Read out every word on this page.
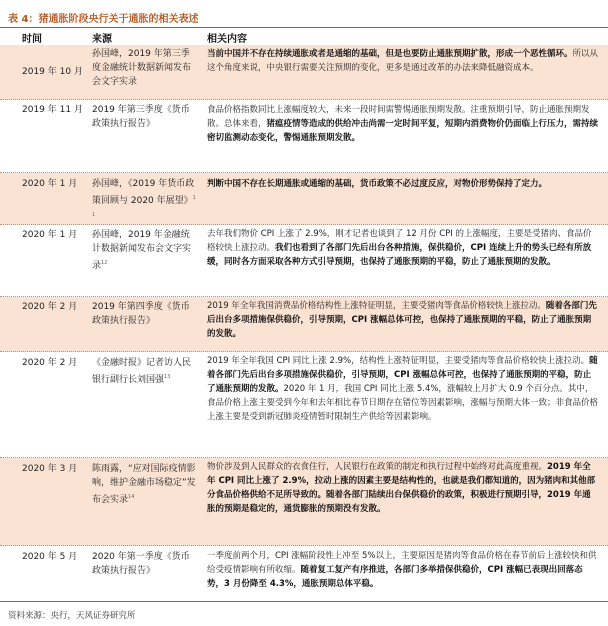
表 4：猪通胀阶段央行关于通胀的相关表述
时间	来源	相关内容
2019 年 10 月
孙国峰，2019 年第三季度金融统计数据新闻发布会文字实录
当前中国并不存在持续通胀或者是通缩的基础，但是也要防止通胀预期扩散，形成一个恶性循环。所以从这个角度来说，中央银行需要关注预期的变化，更多是通过改革的办法来降低融资成本。
2019 年 11 月 2019 年第三季度《货币政策执行报告》
食品价格指数同比上涨幅度较大，未来一段时间需警惕通胀预期发散。注重预期引导，防止通胀预期发散。总体来看，猪瘟疫情等造成的供给冲击尚需一定时间平复，短期内消费物价仍面临上行压力，需持续密切监测动态变化，警惕通胀预期发散。
2020 年 1 月 孙国峰，《2019 年货币政策回顾与 2020 年展望》$^{11}$
判断中国不存在长期通胀或通缩的基础，货币政策不必过度反应，对物价形势保持了定力。
2020 年 1 月 孙国峰，2019 年金融统计数据新闻发布会文字实录$^{12}$
去年我们物价 CPI 上涨了 2.9%，刚才记者也谈到了 12 月份 CPI 的上涨幅度，主要是受猪肉、食品价格较快上涨拉动。我们也看到了各部门先后出台各种措施，保供稳价，CPI 连续上升的势头已经有所放缓，同时各方面采取各种方式引导预期，也保持了通胀预期的平稳，防止了通胀预期的发散。
2020 年 2 月 2019 年第四季度《货币政策执行报告》
2019 年全年我国消费品价格结构性上涨特征明显，主要受猪肉等食品价格较快上涨拉动。随着各部门先后出台多项措施保供稳价，引导预期，CPI 涨幅总体可控，也保持了通胀预期的平稳，防止了通胀预期的发散。
2020 年 2 月 《金融时报》记者访人民银行副行长刘国强$^{13}$
2019 年全年我国 CPI 同比上涨 2.9%，结构性上涨特征明显，主要受猪肉等食品价格较快上涨拉动。随着各部门先后出台多项措施保供稳价，引导预期，CPI 涨幅总体可控，也保持了通胀预期的平稳，防止了通胀预期的发散。2020 年 1 月，我国 CPI 同比上涨 5.4%，涨幅较上月扩大 0.9 个百分点。其中，食品价格上涨主要受到今年和去年相比春节日期存在错位等因素影响，涨幅与预期大体一致；非食品价格上涨主要是受到新冠肺炎疫情暂时限制生产供给等因素影响。
2020 年 3 月 陈雨露，“应对国际疫情影响，维护金融市场稳定”发布会实录$^{14}$
物价涉及到人民群众的衣食住行，人民银行在政策的制定和执行过程中始终对此高度重视。2019 年全年 CPI 同比上涨了 2.9%，拉动上涨的因素主要是结构性的，也就是我们都知道的，因为猪肉和其他部分食品价格供给不足所导致的。随着各部门陆续出台保供稳价的政策，积极进行预期引导，2019 年通胀的预期是稳定的，通货膨胀的预期没有发散。
2020 年 5 月 2020 年第一季度《货币政策执行报告》
一季度前两个月，CPI 涨幅阶段性上冲至 5%以上，主要原因是猪肉等食品价格在春节前后上涨较快和供给受疫情影响有所收缩。随着复工复产有序推进，各部门多举措保供稳价，CPI 涨幅已表现出回落态势，3 月份降至 4.3%，通胀预期总体平稳。
资料来源：央行，天风证券研究所
